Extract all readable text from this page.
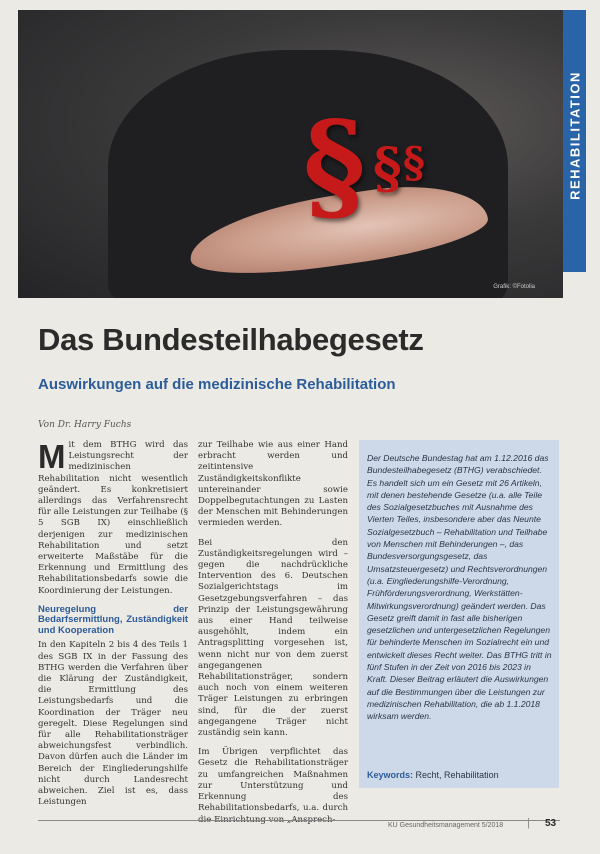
§ § §
Grafik: ©Fotolia
REHABILITATION
Das Bundesteilhabegesetz
Auswirkungen auf die medizinische Rehabilitation
Von Dr. Harry Fuchs

Mit dem BTHG wird das Leistungsrecht der medizinischen Rehabilitation nicht wesentlich geändert. Es konkretisiert allerdings das Verfahrensrecht für alle Leistungen zur Teilhabe (§ 5 SGB IX) einschließlich derjenigen zur medizinischen Rehabilitation und setzt erweiterte Maßstäbe für die Erkennung und Ermittlung des Rehabilitationsbedarfs sowie die Koordinierung der Leistungen.

Neuregelung der Bedarfsermittlung, Zuständigkeit und Kooperation

In den Kapiteln 2 bis 4 des Teils 1 des SGB IX in der Fassung des BTHG werden die Verfahren über die Klärung der Zuständigkeit, die Ermittlung des Leistungsbedarfs und die Koordination der Träger neu geregelt. Diese Regelungen sind für alle Rehabilitationsträger abweichungsfest verbindlich. Davon dürfen auch die Länder im Bereich der Eingliederungshilfe nicht durch Landesrecht abweichen. Ziel ist es, dass Leistungen

zur Teilhabe wie aus einer Hand erbracht werden und zeitintensive Zuständigkeitskonflikte untereinander sowie Doppelbegutachtungen zu Lasten der Menschen mit Behinderungen vermieden werden.

Bei den Zuständigkeitsregelungen wird – gegen die nachdrückliche Intervention des 6. Deutschen Sozialgerichtstags im Gesetzgebungsverfahren – das Prinzip der Leistungsgewährung aus einer Hand teilweise ausgehöhlt, indem ein Antragsplitting vorgesehen ist, wenn nicht nur von dem zuerst angegangenen Rehabilitationsträger, sondern auch noch von einem weiteren Träger Leistungen zu erbringen sind, für die der zuerst angegangene Träger nicht zuständig sein kann.

Im Übrigen verpflichtet das Gesetz die Rehabilitationsträger zu umfangreichen Maßnahmen zur Unterstützung und Erkennung des Rehabilitationsbedarfs, u.a. durch die Einrichtung von „Ansprech-

Der Deutsche Bundestag hat am 1.12.2016 das Bundesteilhabegesetz (BTHG) verabschiedet. Es handelt sich um ein Gesetz mit 26 Artikeln, mit denen bestehende Gesetze (u.a. alle Teile des Sozialgesetzbuches mit Ausnahme des Vierten Teiles, insbesondere aber das Neunte Sozialgesetzbuch – Rehabilitation und Teilhabe von Menschen mit Behinderungen –, das Bundesversorgungsgesetz, das Umsatzsteuergesetz) und Rechtsverordnungen (u.a. Eingliederungshilfe-Verordnung, Frühförderungsverordnung, Werkstätten-Mitwirkungsverordnung) geändert werden. Das Gesetz greift damit in fast alle bisherigen gesetzlichen und untergesetzlichen Regelungen für behinderte Menschen im Sozialrecht ein und entwickelt dieses Recht weiter. Das BTHG tritt in fünf Stufen in der Zeit von 2016 bis 2023 in Kraft. Dieser Beitrag erläutert die Auswirkungen auf die Bestimmungen über die Leistungen zur medizinischen Rehabilitation, die ab 1.1.2018 wirksam werden.
Keywords: Recht, Rehabilitation
KU Gesundheitsmanagement 5/2018 | 53
